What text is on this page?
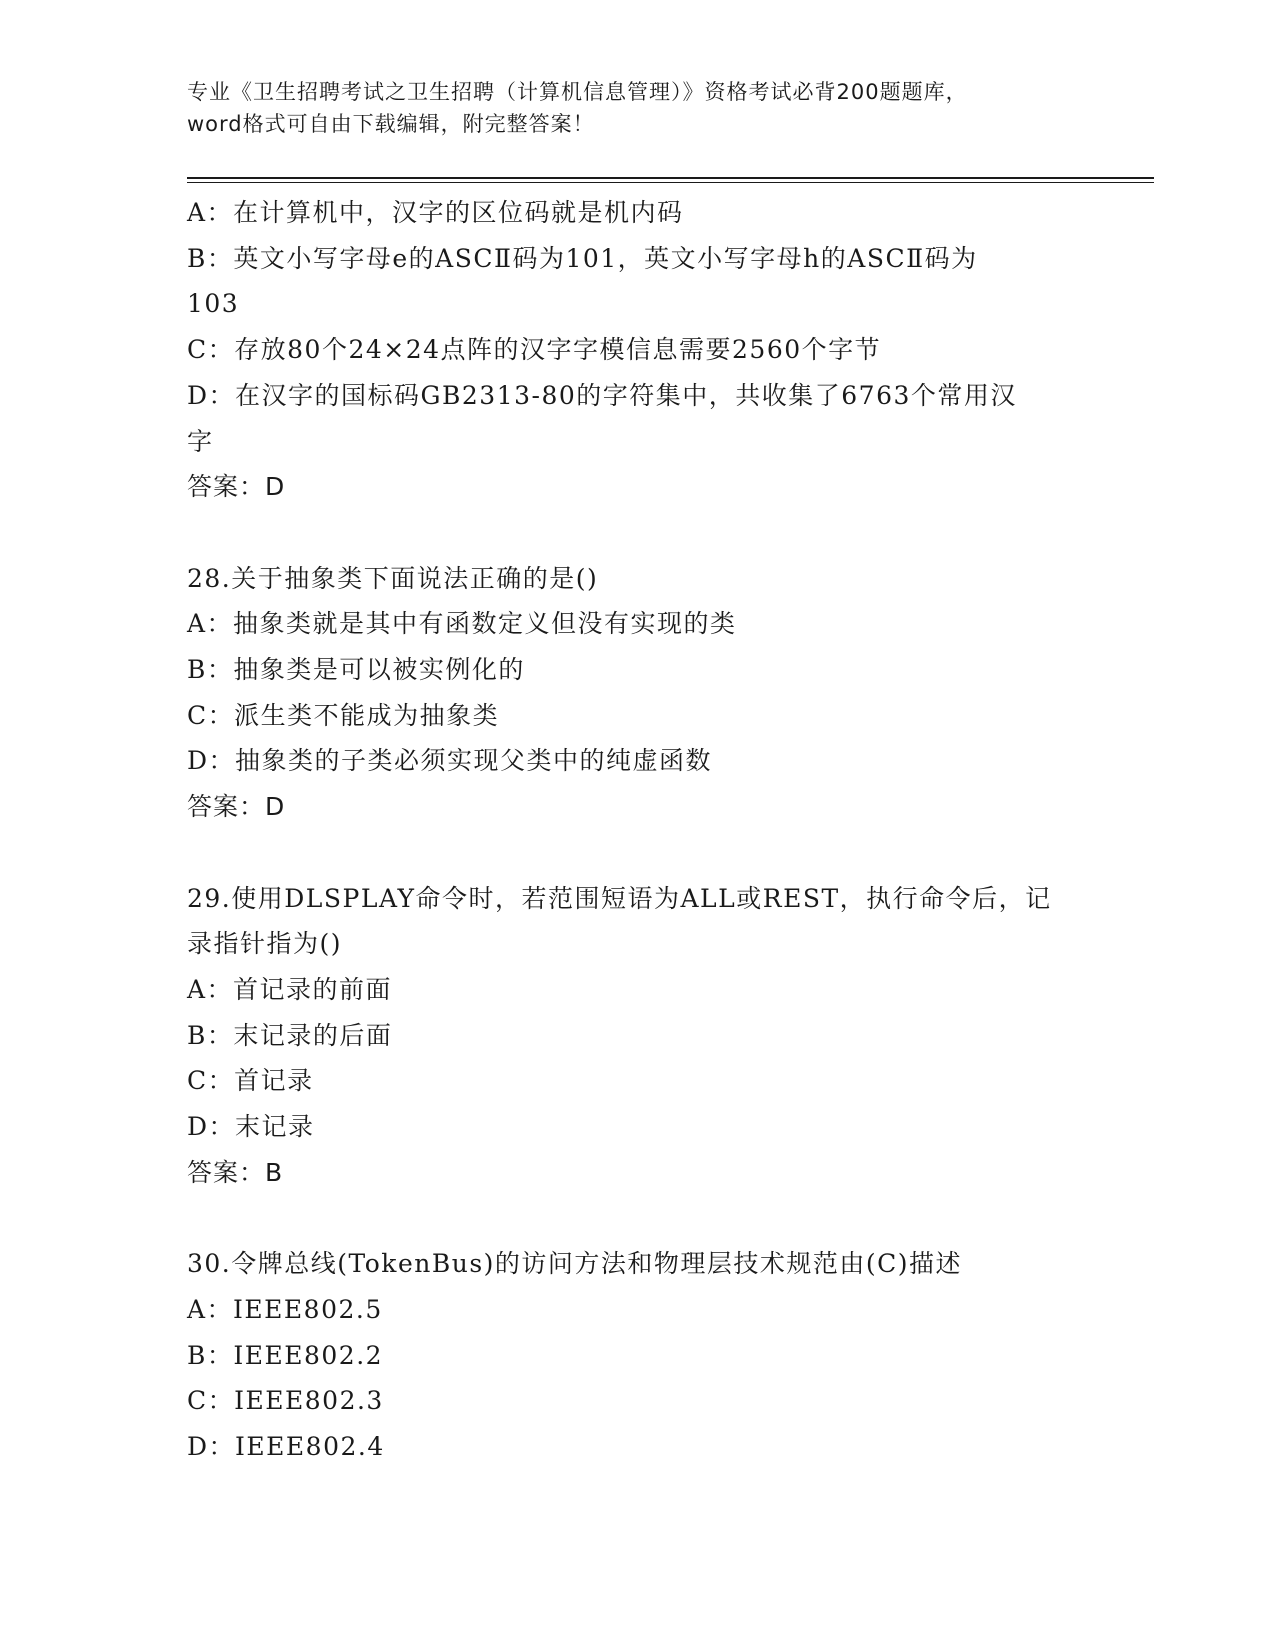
专业《卫生招聘考试之卫生招聘（计算机信息管理）》资格考试必背200题题库，
word格式可自由下载编辑，附完整答案！
A：在计算机中，汉字的区位码就是机内码
B：英文小写字母e的ASCⅡ码为101，英文小写字母h的ASCⅡ码为
103
C：存放80个24×24点阵的汉字字模信息需要2560个字节
D：在汉字的国标码GB2313-80的字符集中，共收集了6763个常用汉
字
答案：D
28.关于抽象类下面说法正确的是()
A：抽象类就是其中有函数定义但没有实现的类
B：抽象类是可以被实例化的
C：派生类不能成为抽象类
D：抽象类的子类必须实现父类中的纯虚函数
答案：D
29.使用DLSPLAY命令时，若范围短语为ALL或REST，执行命令后，记
录指针指为()
A：首记录的前面
B：末记录的后面
C：首记录
D：末记录
答案：B
30.令牌总线(TokenBus)的访问方法和物理层技术规范由(C)描述
A：IEEE802.5
B：IEEE802.2
C：IEEE802.3
D：IEEE802.4
